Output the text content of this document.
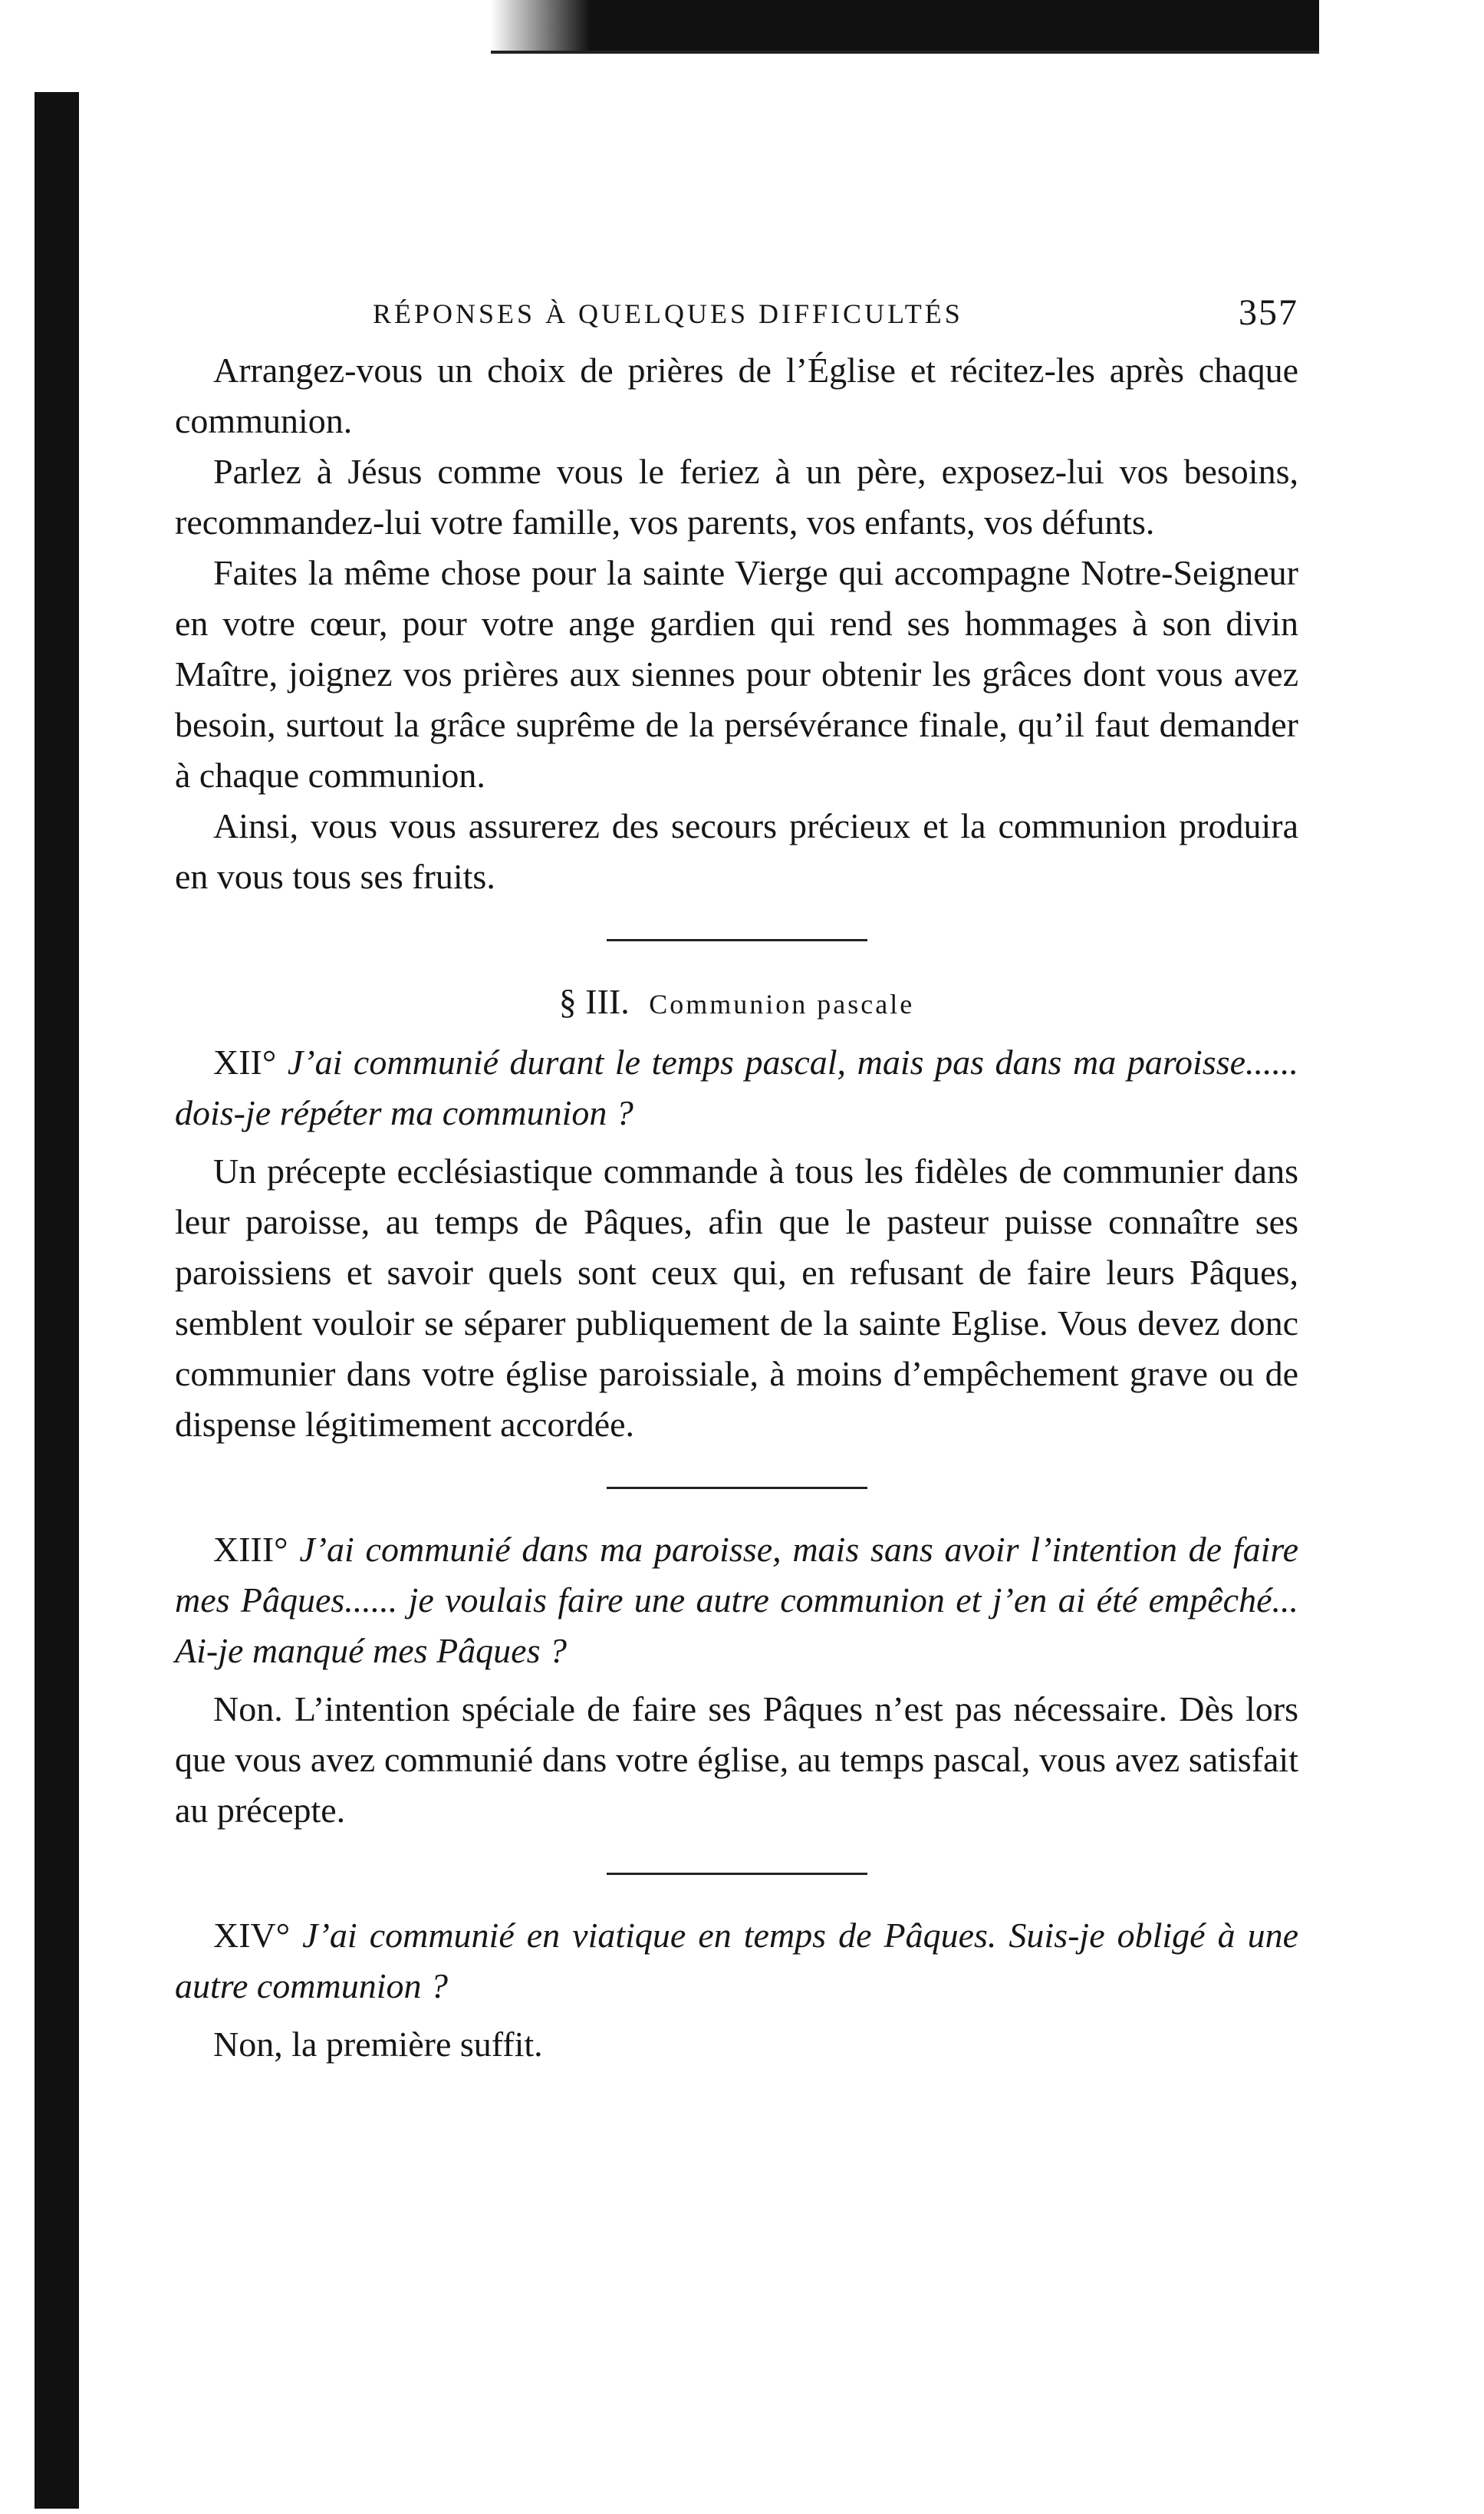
RÉPONSES À QUELQUES DIFFICULTÉS	357

Arrangez-vous un choix de prières de l’Église et récitez-les après chaque communion.

Parlez à Jésus comme vous le feriez à un père, exposez-lui vos besoins, recommandez-lui votre famille, vos parents, vos enfants, vos défunts.

Faites la même chose pour la sainte Vierge qui accompagne Notre-Seigneur en votre cœur, pour votre ange gardien qui rend ses hommages à son divin Maître, joignez vos prières aux siennes pour obtenir les grâces dont vous avez besoin, surtout la grâce suprême de la persévérance finale, qu’il faut demander à chaque communion.

Ainsi, vous vous assurerez des secours précieux et la communion produira en vous tous ses fruits.

§ III. Communion pascale
XII° J’ai communié durant le temps pascal, mais pas dans ma paroisse...... dois-je répéter ma communion ?

Un précepte ecclésiastique commande à tous les fidèles de communier dans leur paroisse, au temps de Pâques, afin que le pasteur puisse connaître ses paroissiens et savoir quels sont ceux qui, en refusant de faire leurs Pâques, semblent vouloir se séparer publiquement de la sainte Eglise. Vous devez donc communier dans votre église paroissiale, à moins d’empêchement grave ou de dispense légitimement accordée.

XIII° J’ai communié dans ma paroisse, mais sans avoir l’intention de faire mes Pâques...... je voulais faire une autre communion et j’en ai été empêché... Ai-je manqué mes Pâques ?

Non. L’intention spéciale de faire ses Pâques n’est pas nécessaire. Dès lors que vous avez communié dans votre église, au temps pascal, vous avez satisfait au précepte.

XIV° J’ai communié en viatique en temps de Pâques. Suis-je obligé à une autre communion ?

Non, la première suffit.
